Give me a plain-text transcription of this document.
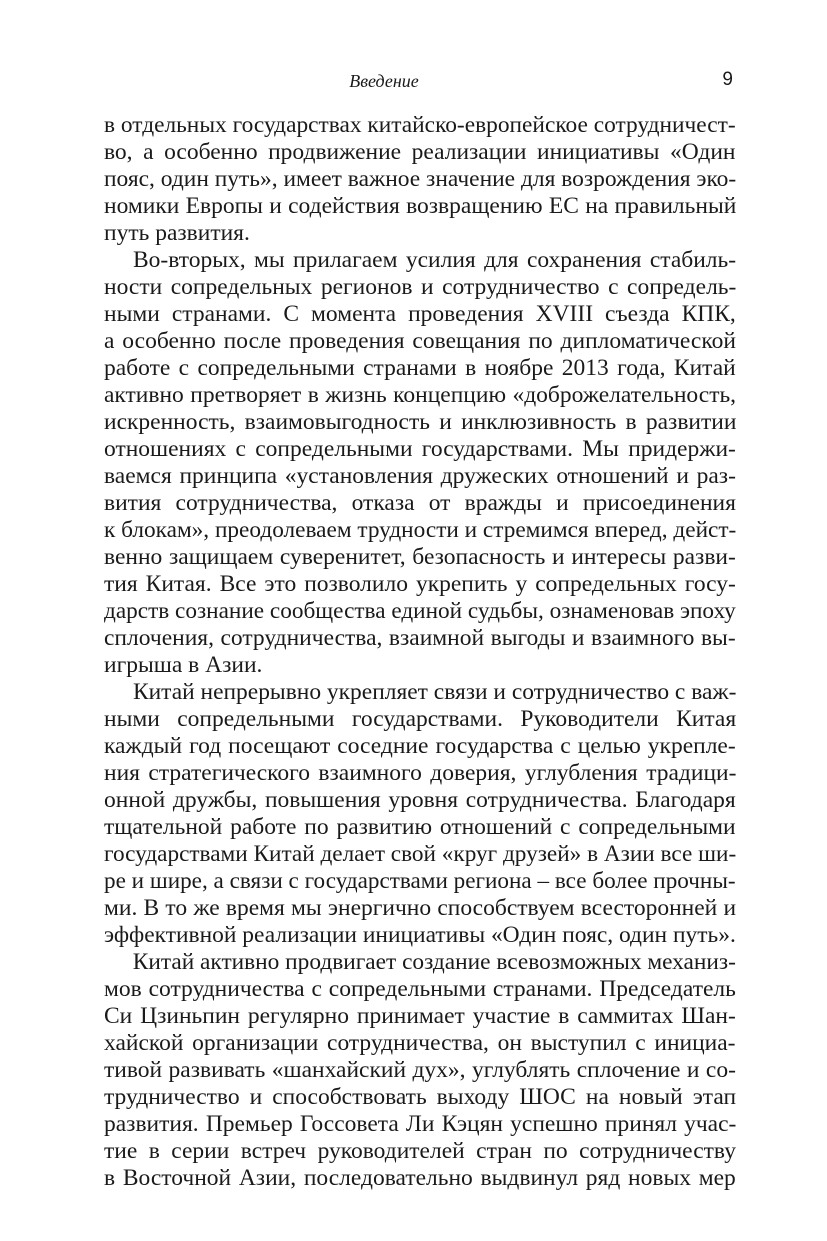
Введение	9
в отдельных государствах китайско-европейское сотрудничест-
во, а особенно продвижение реализации инициативы «Один
пояс, один путь», имеет важное значение для возрождения эко-
номики Европы и содействия возвращению ЕС на правильный
путь развития.
Во-вторых, мы прилагаем усилия для сохранения стабиль-
ности сопредельных регионов и сотрудничество с сопредель-
ными странами. С момента проведения XVIII съезда КПК,
а особенно после проведения совещания по дипломатической
работе с сопредельными странами в ноябре 2013 года, Китай
активно претворяет в жизнь концепцию «доброжелательность,
искренность, взаимовыгодность и инклюзивность в развитии
отношениях с сопредельными государствами. Мы придержи-
ваемся принципа «установления дружеских отношений и раз-
вития сотрудничества, отказа от вражды и присоединения
к блокам», преодолеваем трудности и стремимся вперед, дейст-
венно защищаем суверенитет, безопасность и интересы разви-
тия Китая. Все это позволило укрепить у сопредельных госу-
дарств сознание сообщества единой судьбы, ознаменовав эпоху
сплочения, сотрудничества, взаимной выгоды и взаимного вы-
игрыша в Азии.
Китай непрерывно укрепляет связи и сотрудничество с важ-
ными сопредельными государствами. Руководители Китая
каждый год посещают соседние государства с целью укрепле-
ния стратегического взаимного доверия, углубления традици-
онной дружбы, повышения уровня сотрудничества. Благодаря
тщательной работе по развитию отношений с сопредельными
государствами Китай делает свой «круг друзей» в Азии все ши-
ре и шире, а связи с государствами региона – все более прочны-
ми. В то же время мы энергично способствуем всесторонней и
эффективной реализации инициативы «Один пояс, один путь».
Китай активно продвигает создание всевозможных механиз-
мов сотрудничества с сопредельными странами. Председатель
Си Цзиньпин регулярно принимает участие в саммитах Шан-
хайской организации сотрудничества, он выступил с инициа-
тивой развивать «шанхайский дух», углублять сплочение и со-
трудничество и способствовать выходу ШОС на новый этап
развития. Премьер Госсовета Ли Кэцян успешно принял учас-
тие в серии встреч руководителей стран по сотрудничеству
в Восточной Азии, последовательно выдвинул ряд новых мер
